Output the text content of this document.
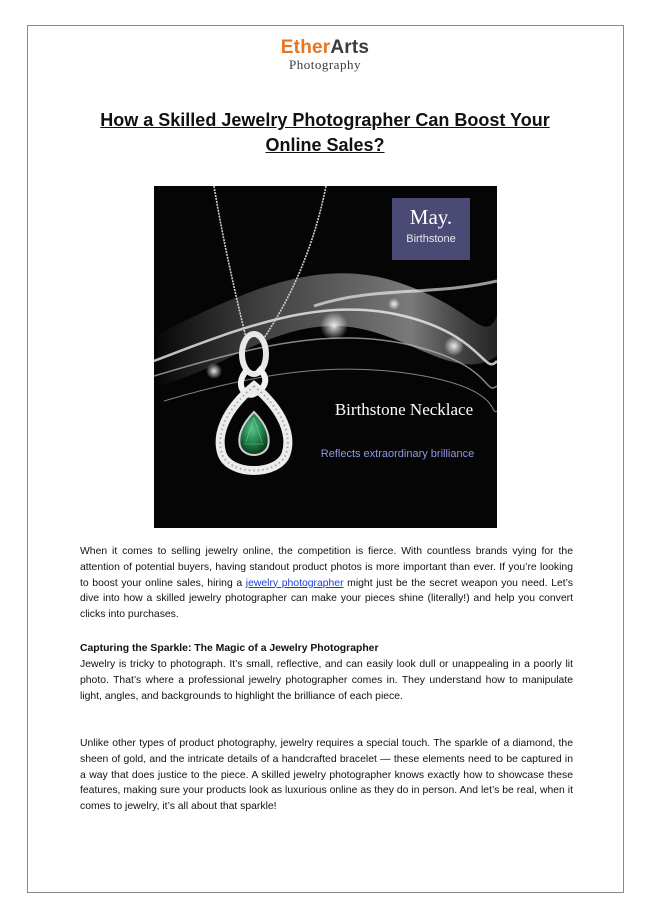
EtherArts
Photography
How a Skilled Jewelry Photographer Can Boost Your Online Sales?
May.
Birthstone
Birthstone Necklace
Reflects extraordinary brilliance

When it comes to selling jewelry online, the competition is fierce. With countless brands vying for the attention of potential buyers, having standout product photos is more important than ever. If you’re looking to boost your online sales, hiring a jewelry photographer might just be the secret weapon you need. Let’s dive into how a skilled jewelry photographer can make your pieces shine (literally!) and help you convert clicks into purchases.

Capturing the Sparkle: The Magic of a Jewelry Photographer

Jewelry is tricky to photograph. It’s small, reflective, and can easily look dull or unappealing in a poorly lit photo. That’s where a professional jewelry photographer comes in. They understand how to manipulate light, angles, and backgrounds to highlight the brilliance of each piece.

Unlike other types of product photography, jewelry requires a special touch. The sparkle of a diamond, the sheen of gold, and the intricate details of a handcrafted bracelet — these elements need to be captured in a way that does justice to the piece. A skilled jewelry photographer knows exactly how to showcase these features, making sure your products look as luxurious online as they do in person. And let’s be real, when it comes to jewelry, it’s all about that sparkle!
